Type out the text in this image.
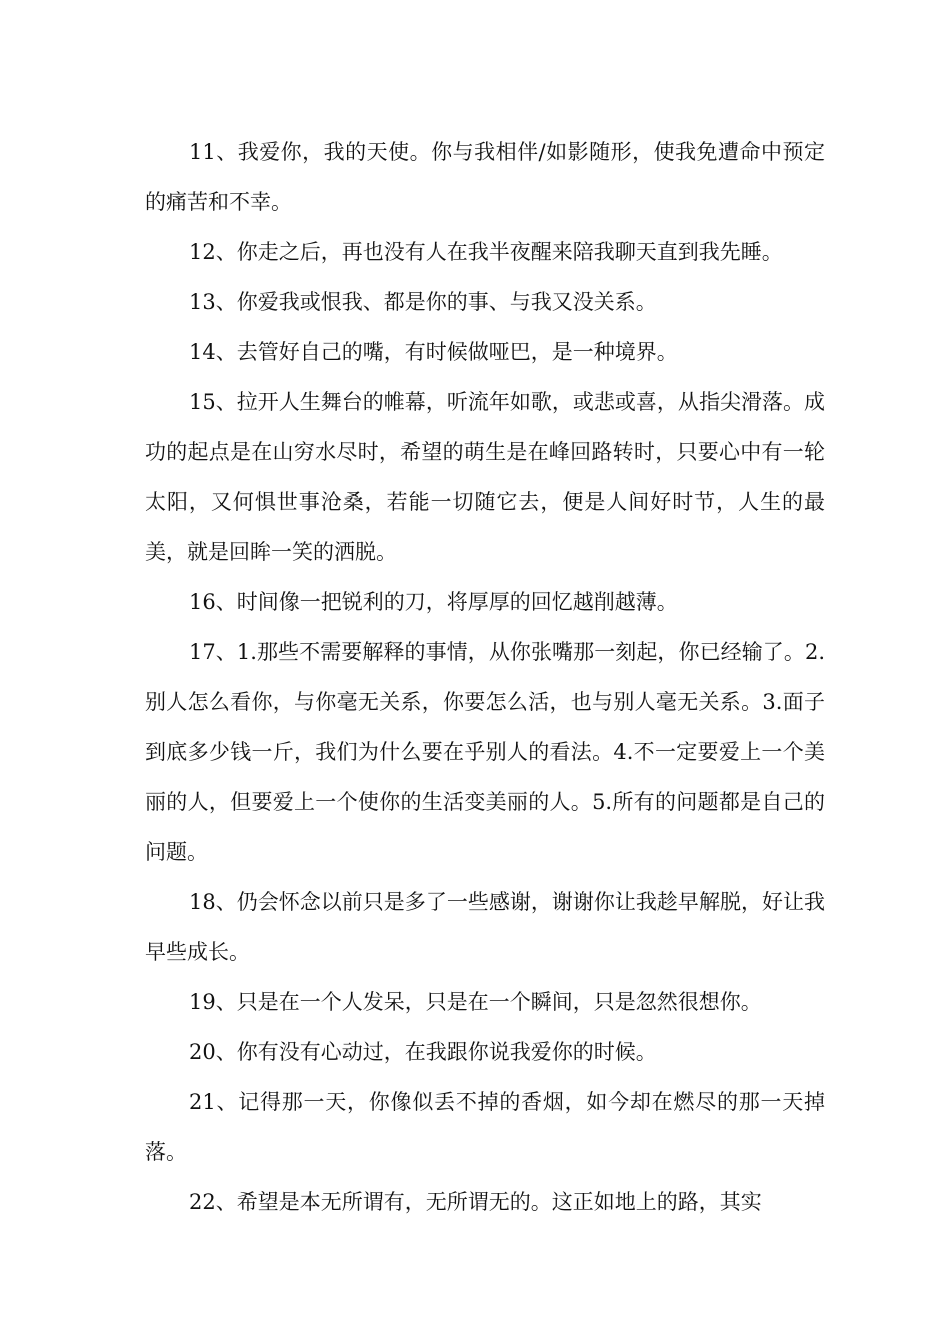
11、我爱你，我的天使。你与我相伴/如影随形，使我免遭命中预定的痛苦和不幸。

12、你走之后，再也没有人在我半夜醒来陪我聊天直到我先睡。

13、你爱我或恨我、都是你的事、与我又没关系。

14、去管好自己的嘴，有时候做哑巴，是一种境界。

15、拉开人生舞台的帷幕，听流年如歌，或悲或喜，从指尖滑落。成功的起点是在山穷水尽时，希望的萌生是在峰回路转时，只要心中有一轮太阳，又何惧世事沧桑，若能一切随它去，便是人间好时节，人生的最美，就是回眸一笑的洒脱。

16、时间像一把锐利的刀，将厚厚的回忆越削越薄。

17、1.那些不需要解释的事情，从你张嘴那一刻起，你已经输了。2.别人怎么看你，与你毫无关系，你要怎么活，也与别人毫无关系。3.面子到底多少钱一斤，我们为什么要在乎别人的看法。4.不一定要爱上一个美丽的人，但要爱上一个使你的生活变美丽的人。5.所有的问题都是自己的问题。

18、仍会怀念以前只是多了一些感谢，谢谢你让我趁早解脱，好让我早些成长。

19、只是在一个人发呆，只是在一个瞬间，只是忽然很想你。

20、你有没有心动过，在我跟你说我爱你的时候。

21、记得那一天，你像似丢不掉的香烟，如今却在燃尽的那一天掉落。

22、希望是本无所谓有，无所谓无的。这正如地上的路，其实
